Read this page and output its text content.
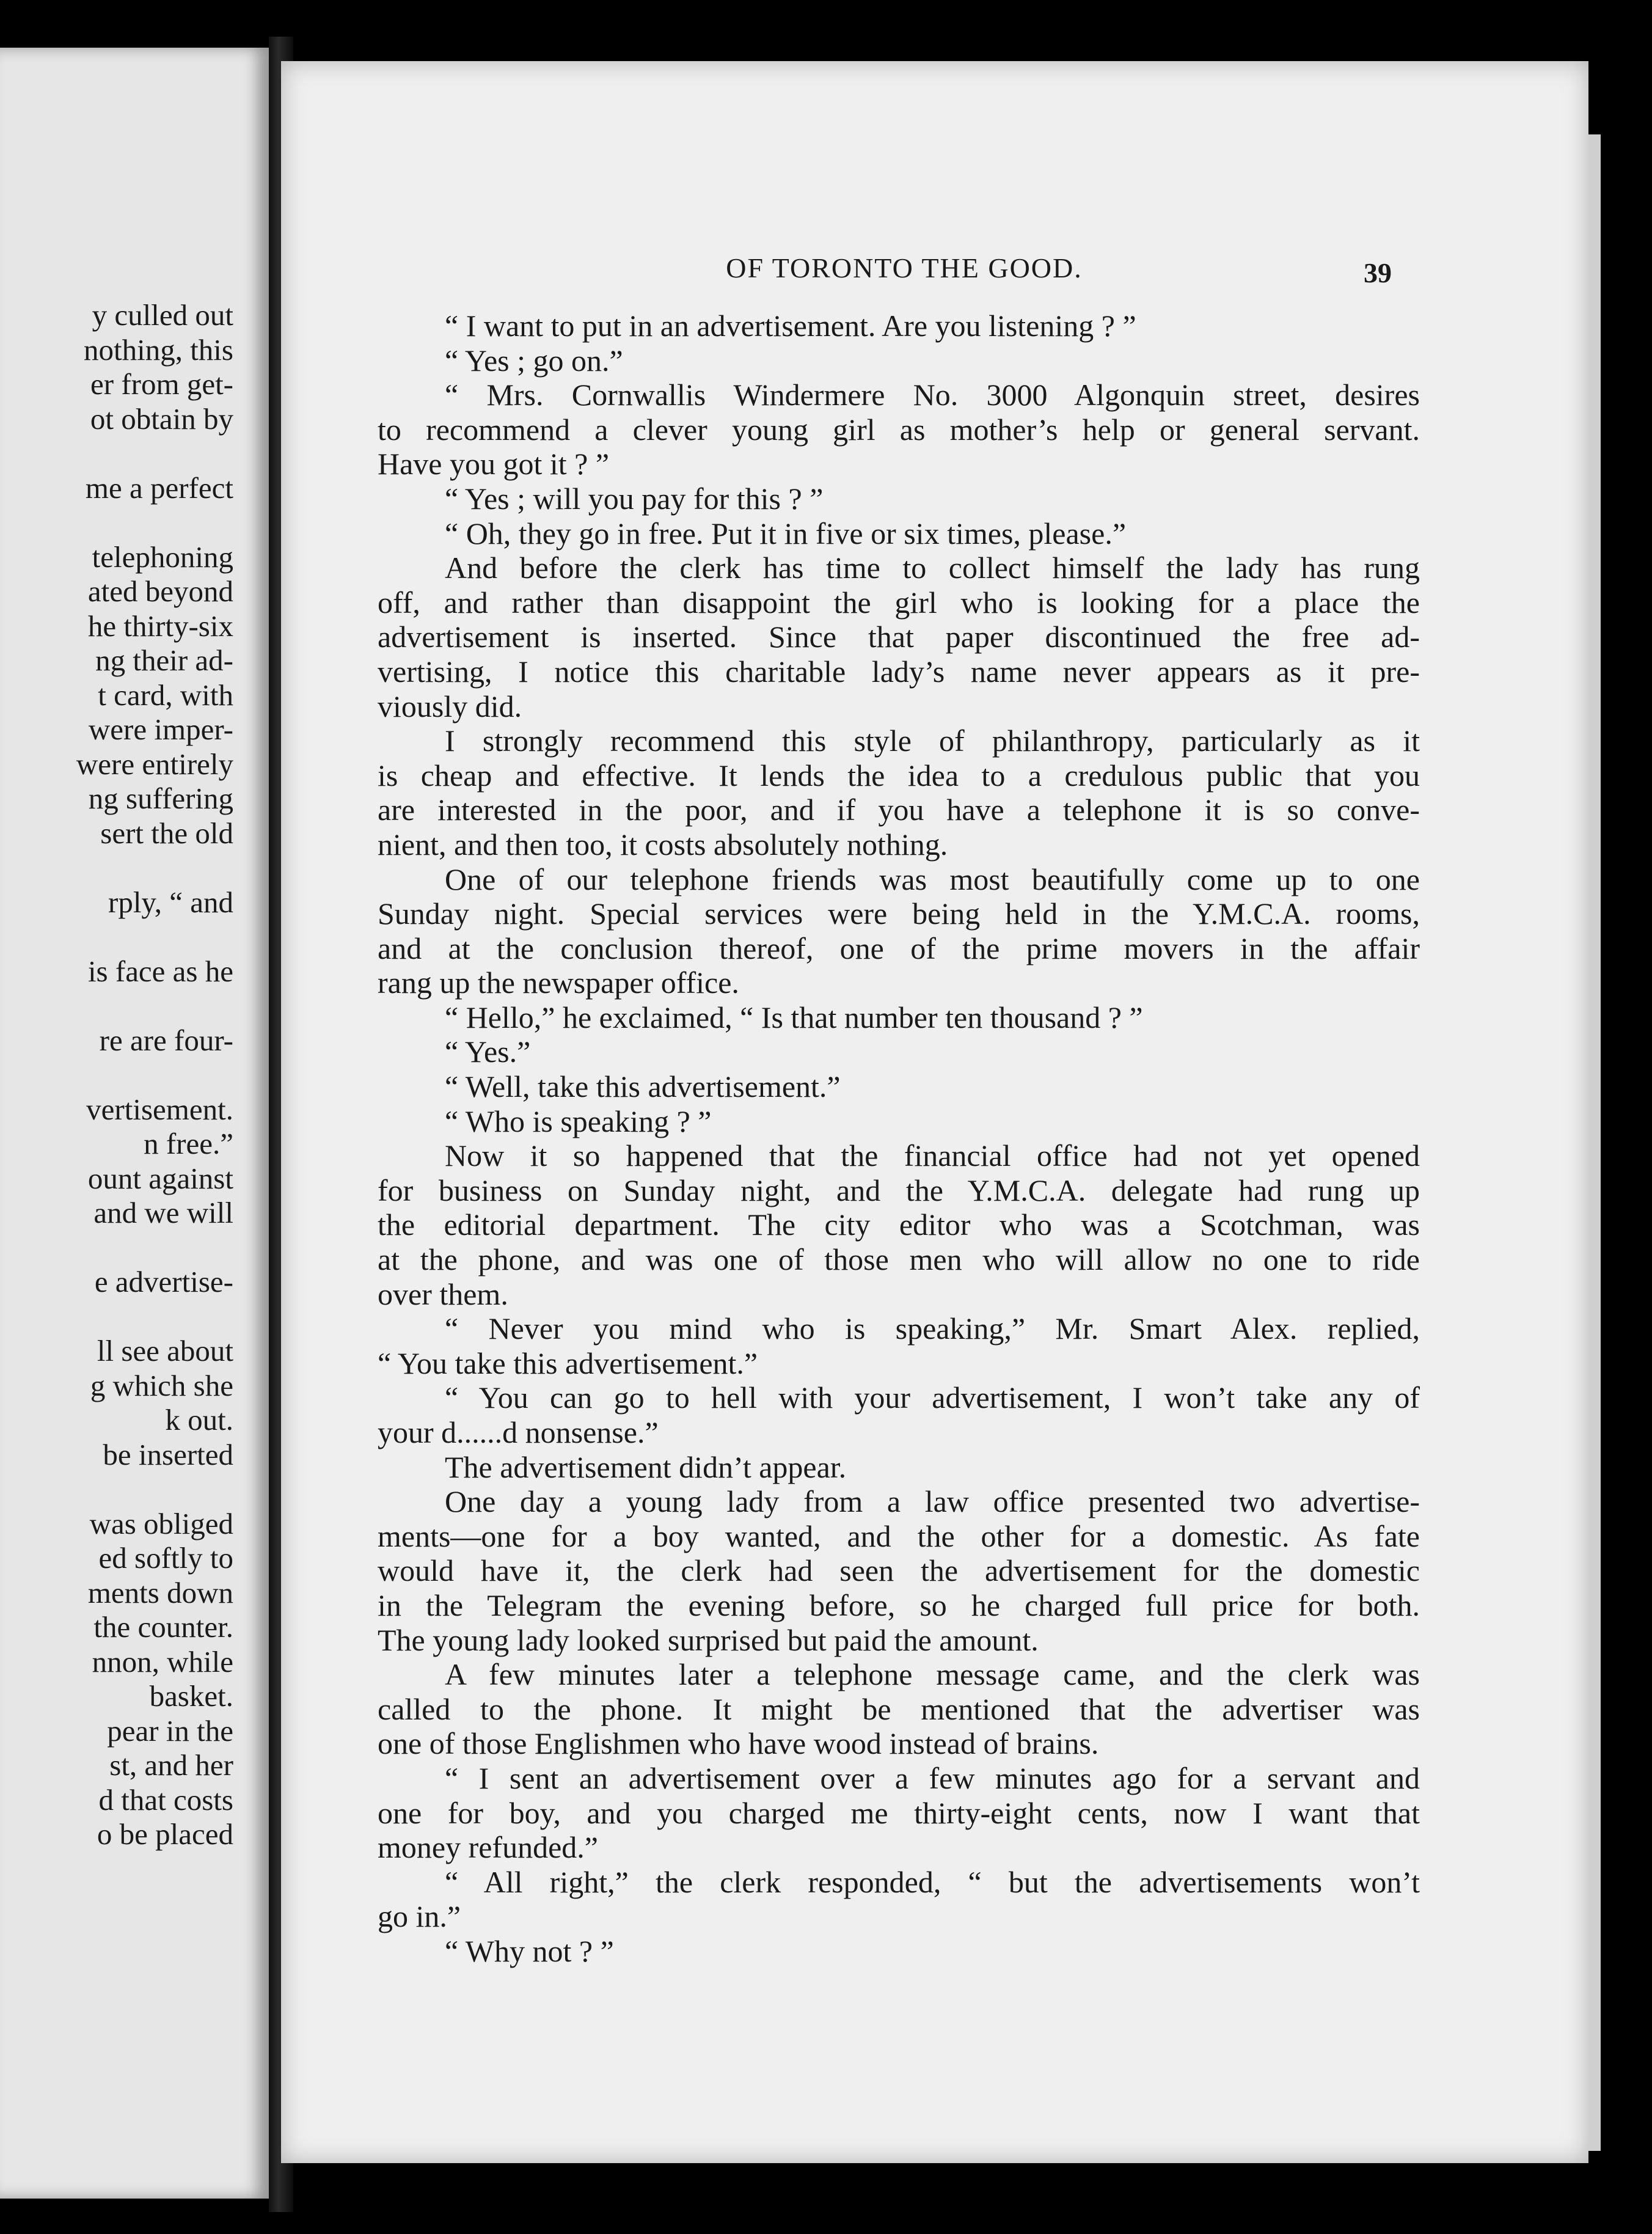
y culled out
nothing, this
er from get-
ot obtain by
me a perfect
telephoning
ated beyond
he thirty-six
ng their ad-
t card, with
were imper-
were entirely
ng suffering
sert the old
rply, “ and
is face as he
re are four-
vertisement.
n free.”
ount against
and we will
e advertise-
ll see about
g which she
k out.
be inserted
was obliged
ed softly to
ments down
the counter.
nnon, while
basket.
pear in the
st, and her
d that costs
o be placed
OF TORONTO THE GOOD.	39
“ I want to put in an advertisement. Are you listening ? ”
“ Yes ; go on.”
“ Mrs. Cornwallis Windermere No. 3000 Algonquin street, desires
to recommend a clever young girl as mother’s help or general servant.
Have you got it ? ”
“ Yes ; will you pay for this ? ”
“ Oh, they go in free. Put it in five or six times, please.”
And before the clerk has time to collect himself the lady has rung
off, and rather than disappoint the girl who is looking for a place the
advertisement is inserted. Since that paper discontinued the free ad-
vertising, I notice this charitable lady’s name never appears as it pre-
viously did.
I strongly recommend this style of philanthropy, particularly as it
is cheap and effective. It lends the idea to a credulous public that you
are interested in the poor, and if you have a telephone it is so conve-
nient, and then too, it costs absolutely nothing.
One of our telephone friends was most beautifully come up to one
Sunday night. Special services were being held in the Y.M.C.A. rooms,
and at the conclusion thereof, one of the prime movers in the affair
rang up the newspaper office.
“ Hello,” he exclaimed, “ Is that number ten thousand ? ”
“ Yes.”
“ Well, take this advertisement.”
“ Who is speaking ? ”
Now it so happened that the financial office had not yet opened
for business on Sunday night, and the Y.M.C.A. delegate had rung up
the editorial department. The city editor who was a Scotchman, was
at the phone, and was one of those men who will allow no one to ride
over them.
“ Never you mind who is speaking,” Mr. Smart Alex. replied,
“ You take this advertisement.”
“ You can go to hell with your advertisement, I won’t take any of
your d......d nonsense.”
The advertisement didn’t appear.
One day a young lady from a law office presented two advertise-
ments—one for a boy wanted, and the other for a domestic. As fate
would have it, the clerk had seen the advertisement for the domestic
in the Telegram the evening before, so he charged full price for both.
The young lady looked surprised but paid the amount.
A few minutes later a telephone message came, and the clerk was
called to the phone. It might be mentioned that the advertiser was
one of those Englishmen who have wood instead of brains.
“ I sent an advertisement over a few minutes ago for a servant and
one for boy, and you charged me thirty-eight cents, now I want that
money refunded.”
“ All right,” the clerk responded, “ but the advertisements won’t
go in.”
“ Why not ? ”
